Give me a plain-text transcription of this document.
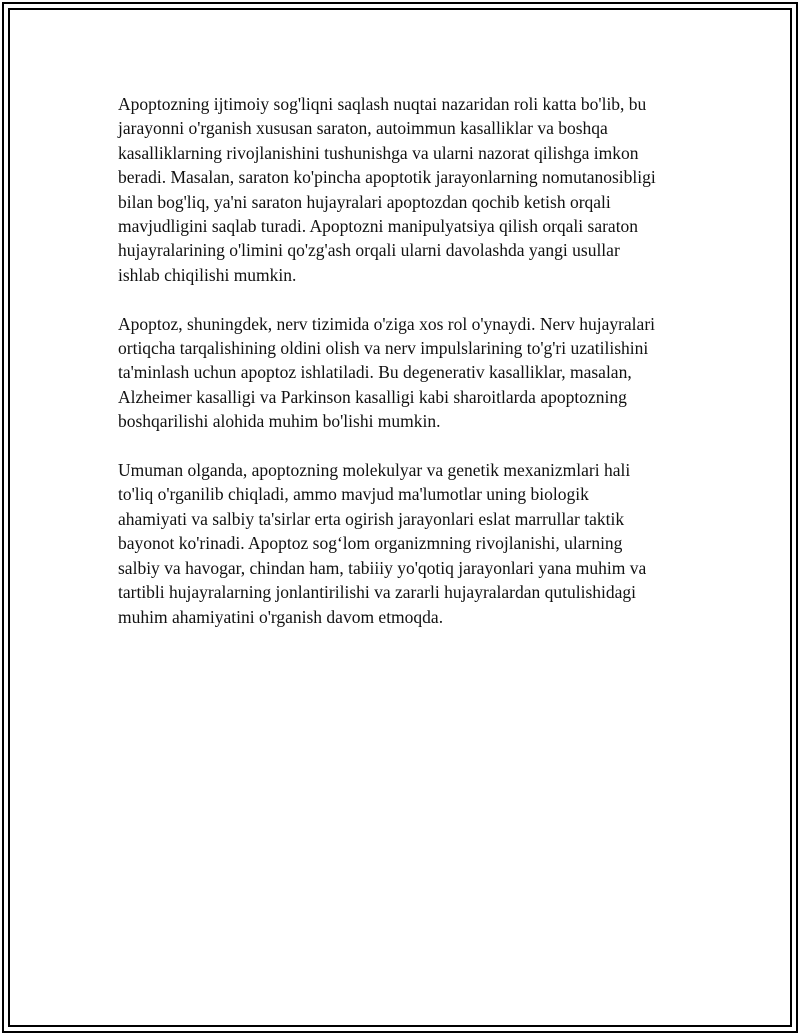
Apoptozning ijtimoiy sog'liqni saqlash nuqtai nazaridan roli katta bo'lib, bu
jarayonni o'rganish xususan saraton, autoimmun kasalliklar va boshqa
kasalliklarning rivojlanishini tushunishga va ularni nazorat qilishga imkon
beradi. Masalan, saraton ko'pincha apoptotik jarayonlarning nomutanosibligi
bilan bog'liq, ya'ni saraton hujayralari apoptozdan qochib ketish orqali
mavjudligini saqlab turadi. Apoptozni manipulyatsiya qilish orqali saraton
hujayralarining o'limini qo'zg'ash orqali ularni davolashda yangi usullar
ishlab chiqilishi mumkin.

Apoptoz, shuningdek, nerv tizimida o'ziga xos rol o'ynaydi. Nerv hujayralari
ortiqcha tarqalishining oldini olish va nerv impulslarining to'g'ri uzatilishini
ta'minlash uchun apoptoz ishlatiladi. Bu degenerativ kasalliklar, masalan,
Alzheimer kasalligi va Parkinson kasalligi kabi sharoitlarda apoptozning
boshqarilishi alohida muhim bo'lishi mumkin.

Umuman olganda, apoptozning molekulyar va genetik mexanizmlari hali
to'liq o'rganilib chiqladi, ammo mavjud ma'lumotlar uning biologik
ahamiyati va salbiy ta'sirlar erta ogirish jarayonlari eslat marrullar taktik
bayonot ko'rinadi. Apoptoz sog‘lom organizmning rivojlanishi, ularning
salbiy va havogar, chindan ham, tabiiiy yo'qotiq jarayonlari yana muhim va
tartibli hujayralarning jonlantirilishi va zararli hujayralardan qutulishidagi
muhim ahamiyatini o'rganish davom etmoqda.
